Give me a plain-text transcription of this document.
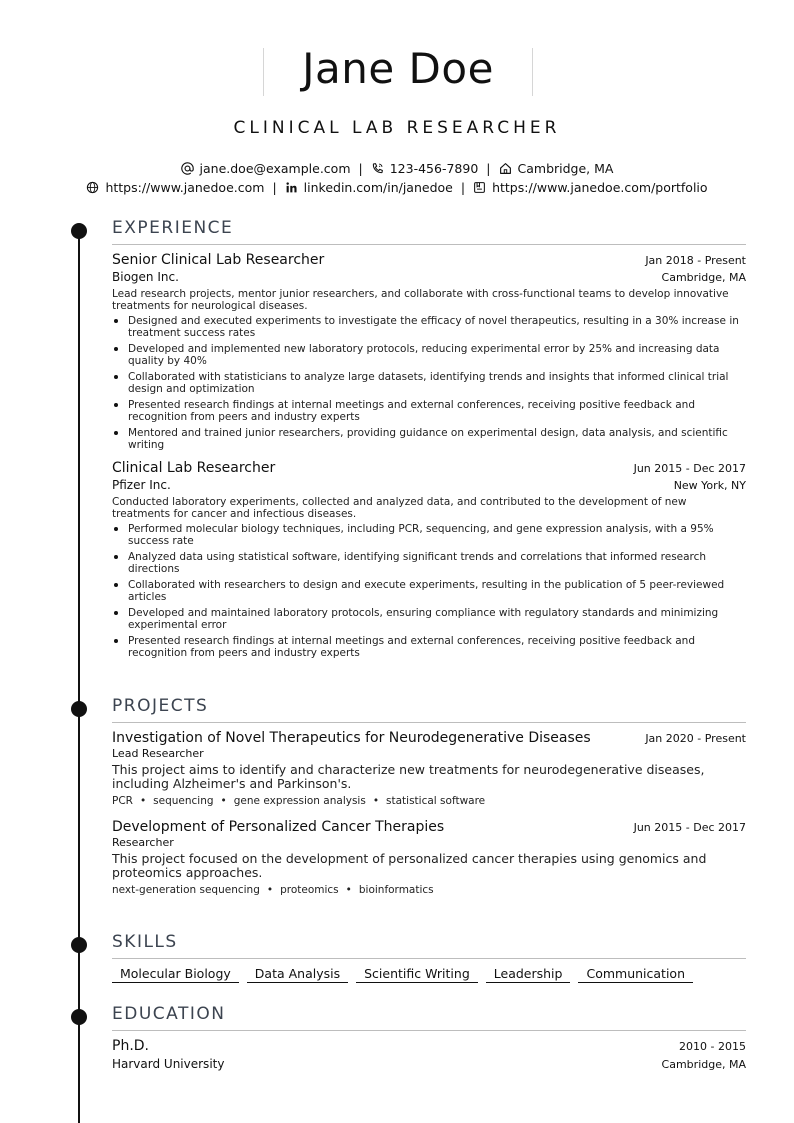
Jane Doe
CLINICAL LAB RESEARCHER
jane.doe@example.com | 123-456-7890 | Cambridge, MA
https://www.janedoe.com | linkedin.com/in/janedoe | https://www.janedoe.com/portfolio
EXPERIENCE
Senior Clinical Lab Researcher	Jan 2018 - Present
Biogen Inc.	Cambridge, MA
Lead research projects, mentor junior researchers, and collaborate with cross-functional teams to develop innovative treatments for neurological diseases.
Designed and executed experiments to investigate the efficacy of novel therapeutics, resulting in a 30% increase in treatment success rates
Developed and implemented new laboratory protocols, reducing experimental error by 25% and increasing data quality by 40%
Collaborated with statisticians to analyze large datasets, identifying trends and insights that informed clinical trial design and optimization
Presented research findings at internal meetings and external conferences, receiving positive feedback and recognition from peers and industry experts
Mentored and trained junior researchers, providing guidance on experimental design, data analysis, and scientific writing
Clinical Lab Researcher	Jun 2015 - Dec 2017
Pfizer Inc.	New York, NY
Conducted laboratory experiments, collected and analyzed data, and contributed to the development of new treatments for cancer and infectious diseases.
Performed molecular biology techniques, including PCR, sequencing, and gene expression analysis, with a 95% success rate
Analyzed data using statistical software, identifying significant trends and correlations that informed research directions
Collaborated with researchers to design and execute experiments, resulting in the publication of 5 peer-reviewed articles
Developed and maintained laboratory protocols, ensuring compliance with regulatory standards and minimizing experimental error
Presented research findings at internal meetings and external conferences, receiving positive feedback and recognition from peers and industry experts
PROJECTS
Investigation of Novel Therapeutics for Neurodegenerative Diseases	Jan 2020 - Present
Lead Researcher
This project aims to identify and characterize new treatments for neurodegenerative diseases, including Alzheimer's and Parkinson's.
PCR • sequencing • gene expression analysis • statistical software
Development of Personalized Cancer Therapies	Jun 2015 - Dec 2017
Researcher
This project focused on the development of personalized cancer therapies using genomics and proteomics approaches.
next-generation sequencing • proteomics • bioinformatics
SKILLS
Molecular Biology	Data Analysis	Scientific Writing	Leadership	Communication
EDUCATION
Ph.D.	2010 - 2015
Harvard University	Cambridge, MA
